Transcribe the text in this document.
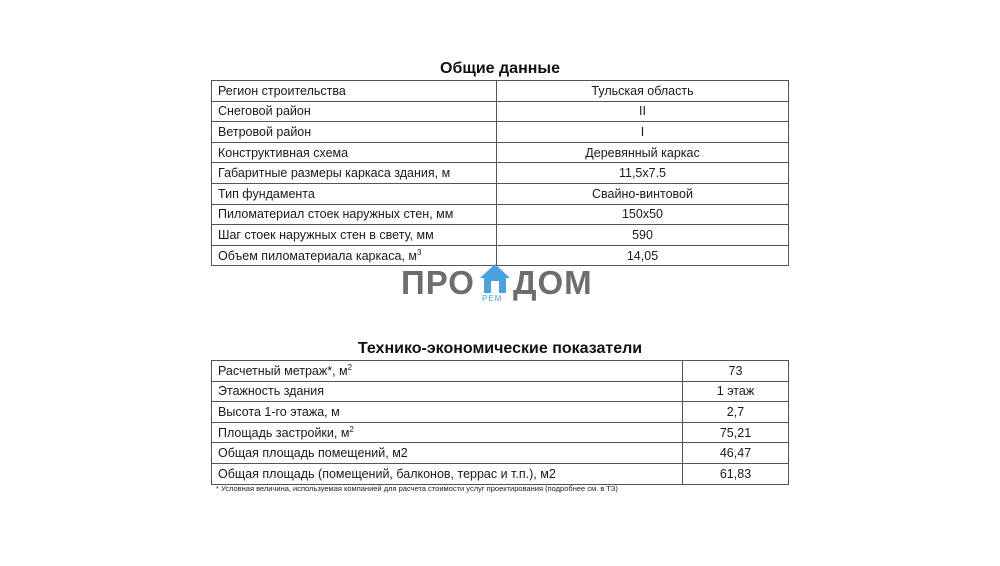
Общие данные
Регион строительства	Тульская область
Снеговой район	II
Ветровой район	I
Конструктивная схема	Деревянный каркас
Габаритные размеры каркаса здания, м	11,5x7.5
Тип фундамента	Свайно-винтовой
Пиломатериал стоек наружных стен, мм	150x50
Шаг стоек наружных стен в свету, мм	590
Объем пиломатериала каркаса, $м^3$	14,05
ПРО РЕМ ДОМ
Технико-экономические показатели
Расчетный метраж*, $м^2$	73
Этажность здания	1 этаж
Высота 1-го этажа, м	2,7
Площадь застройки, $м^2$	75,21
Общая площадь помещений, м2	46,47
Общая площадь (помещений, балконов, террас и т.п.), м2	61,83
* Условная величина, используемая компанией для расчета стоимости услуг проектирования (подробнее см. в ТЗ)
